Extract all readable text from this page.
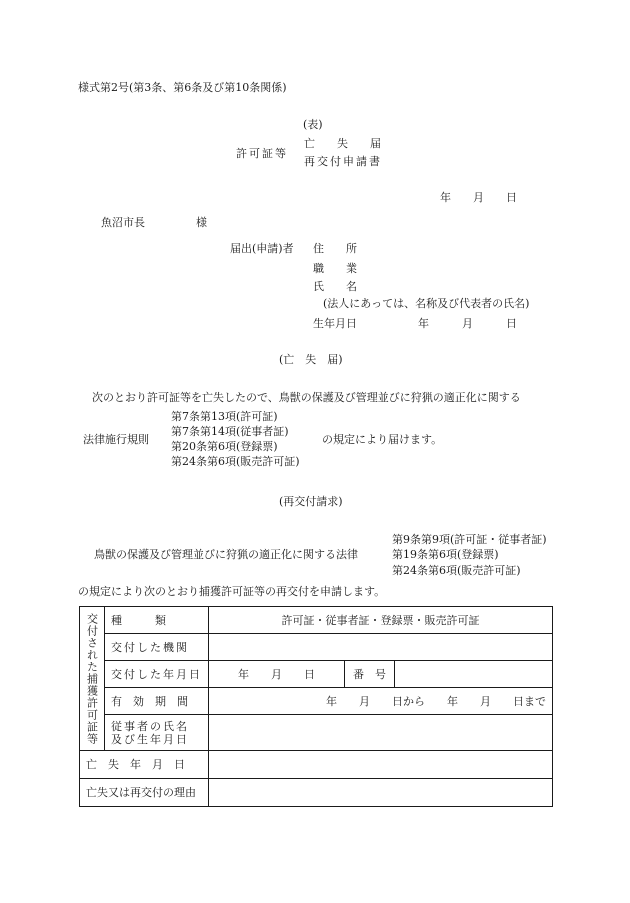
様式第2号(第3条、第6条及び第10条関係)
(表)
許可証等
亡　　失　　届
再交付申請書
年　　月　　日
魚沼市長	様
届出(申請)者 住　　所
職　　業
氏　　名
(法人にあっては、名称及び代表者の氏名)
生年月日	年　　　月　　　日
(亡　失　届)
次のとおり許可証等を亡失したので、鳥獣の保護及び管理並びに狩猟の適正化に関する
法律施行規則
第7条第13項(許可証)
第7条第14項(従事者証)
第20条第6項(登録票)
第24条第6項(販売許可証)
の規定により届けます。
(再交付請求)
第9条第9項(許可証・従事者証)
鳥獣の保護及び管理並びに狩猟の適正化に関する法律	第19条第6項(登録票)
第24条第6項(販売許可証)
の規定により次のとおり捕獲許可証等の再交付を申請します。
交付された捕獲許可証等	種　　　類	許可証・従事者証・登録票・販売許可証		
	交付した機関			
	交付した年月日	年　　月　　日	番　号	
	有　効　期　間	年　　月　　日から　　年　　月　　日まで		

	従事者の氏名
及び生年月日			

亡　失　年　月　日				
亡失又は再交付の理由				
